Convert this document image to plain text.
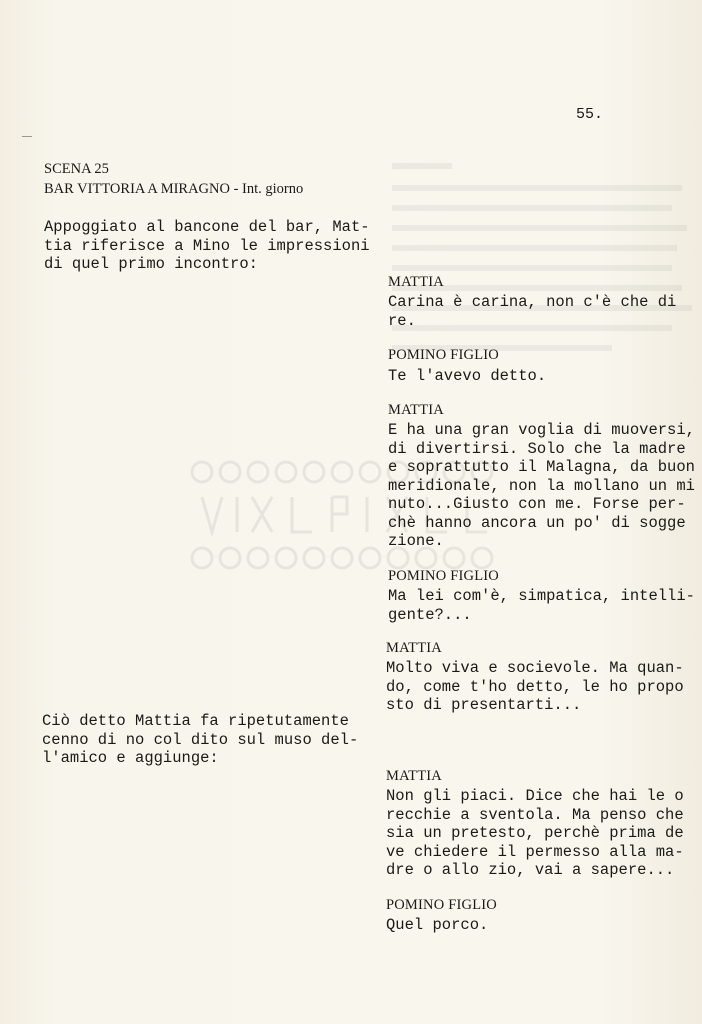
55.
SCENA 25
BAR VITTORIA A MIRAGNO - Int. giorno
Appoggiato al bancone del bar, Mat-
tia riferisce a Mino le impressioni
di quel primo incontro:
Ciò detto Mattia fa ripetutamente
cenno di no col dito sul muso del-
l'amico e aggiunge:
MATTIA
Carina è carina, non c'è che di
re.
POMINO FIGLIO
Te l'avevo detto.
MATTIA
E ha una gran voglia di muoversi,
di divertirsi. Solo che la madre
e soprattutto il Malagna, da buon
meridionale, non la mollano un mi
nuto...Giusto con me. Forse per-
chè hanno ancora un po' di sogge
zione.
POMINO FIGLIO
Ma lei com'è, simpatica, intelli-
gente?...
MATTIA
Molto viva e socievole. Ma quan-
do, come t'ho detto, le ho propo
sto di presentarti...
MATTIA
Non gli piaci. Dice che hai le o
recchie a sventola. Ma penso che
sia un pretesto, perchè prima de
ve chiedere il permesso alla ma-
dre o allo zio, vai a sapere...
POMINO FIGLIO
Quel porco.
